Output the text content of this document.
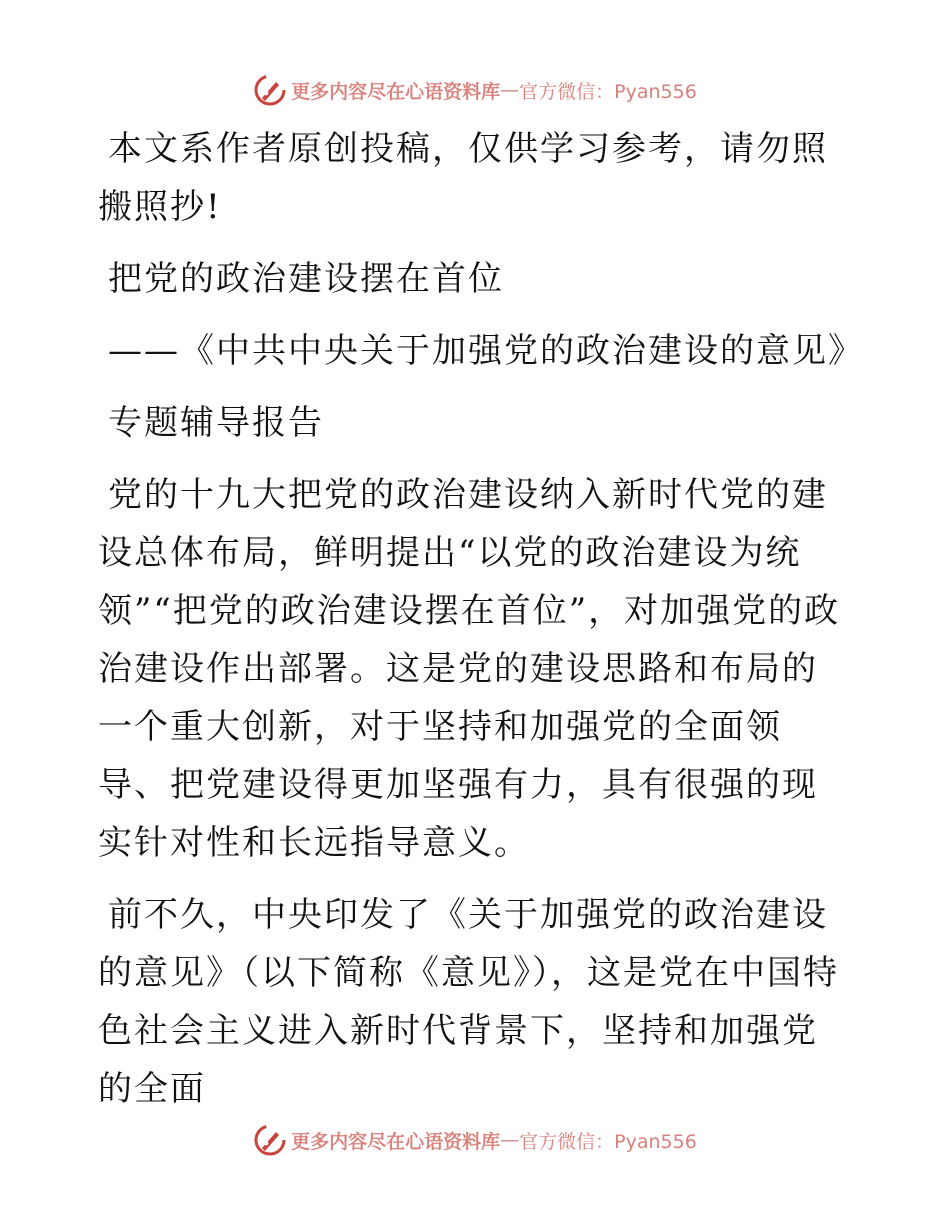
更多内容尽在心语资料库 — 官方微信：Pyan556

本文系作者原创投稿，仅供学习参考，请勿照搬照抄!

把党的政治建设摆在首位

——《中共中央关于加强党的政治建设的意见》

专题辅导报告

党的十九大把党的政治建设纳入新时代党的建设总体布局，鲜明提出“以党的政治建设为统领”“把党的政治建设摆在首位”，对加强党的政治建设作出部署。这是党的建设思路和布局的一个重大创新，对于坚持和加强党的全面领导、把党建设得更加坚强有力，具有很强的现实针对性和长远指导意义。

前不久，中央印发了《关于加强党的政治建设的意见》（以下简称《意见》），这是党在中国特色社会主义进入新时代背景下，坚持和加强党的全面

更多内容尽在心语资料库 — 官方微信：Pyan556
